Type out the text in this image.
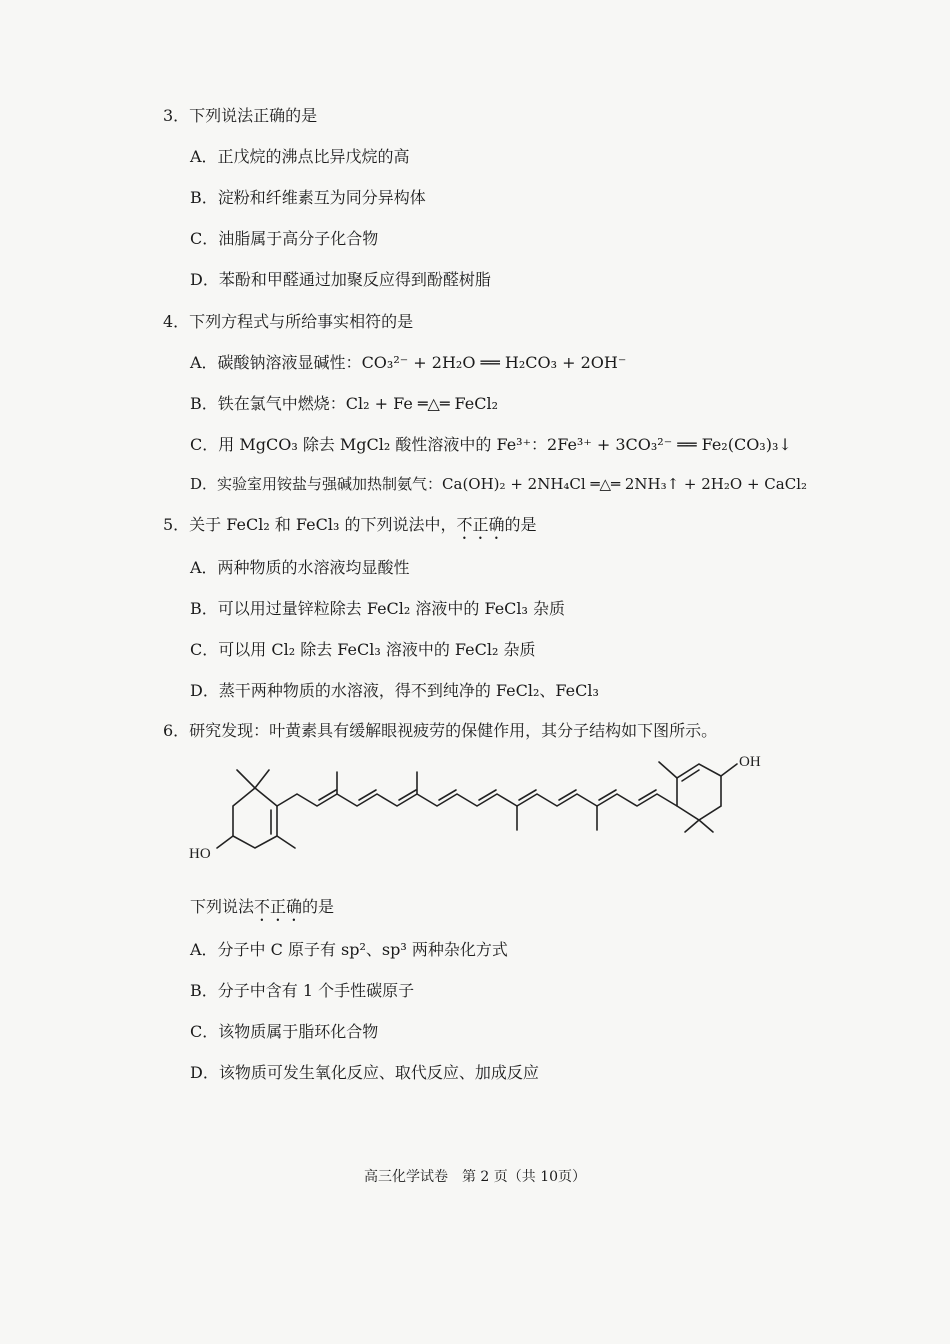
3．下列说法正确的是
A．正戊烷的沸点比异戊烷的高
B．淀粉和纤维素互为同分异构体
C．油脂属于高分子化合物
D．苯酚和甲醛通过加聚反应得到酚醛树脂
4．下列方程式与所给事实相符的是
A．碳酸钠溶液显碱性：CO₃²⁻ + 2H₂O ══ H₂CO₃ + 2OH⁻
B．铁在氯气中燃烧：Cl₂ + Fe ═△═ FeCl₂
C．用 MgCO₃ 除去 MgCl₂ 酸性溶液中的 Fe³⁺：2Fe³⁺ + 3CO₃²⁻ ══ Fe₂(CO₃)₃↓
D．实验室用铵盐与强碱加热制氨气：Ca(OH)₂ + 2NH₄Cl ═△═ 2NH₃↑ + 2H₂O + CaCl₂
5．关于 FeCl₂ 和 FeCl₃ 的下列说法中，不正确的是
A．两种物质的水溶液均显酸性
B．可以用过量锌粒除去 FeCl₂ 溶液中的 FeCl₃ 杂质
C．可以用 Cl₂ 除去 FeCl₃ 溶液中的 FeCl₂ 杂质
D．蒸干两种物质的水溶液，得不到纯净的 FeCl₂、FeCl₃
6．研究发现：叶黄素具有缓解眼视疲劳的保健作用，其分子结构如下图所示。
OH
HO
下列说法不正确的是
A．分子中 C 原子有 sp²、sp³ 两种杂化方式
B．分子中含有 1 个手性碳原子
C．该物质属于脂环化合物
D．该物质可发生氧化反应、取代反应、加成反应
高三化学试卷　第 2 页（共 10页）
